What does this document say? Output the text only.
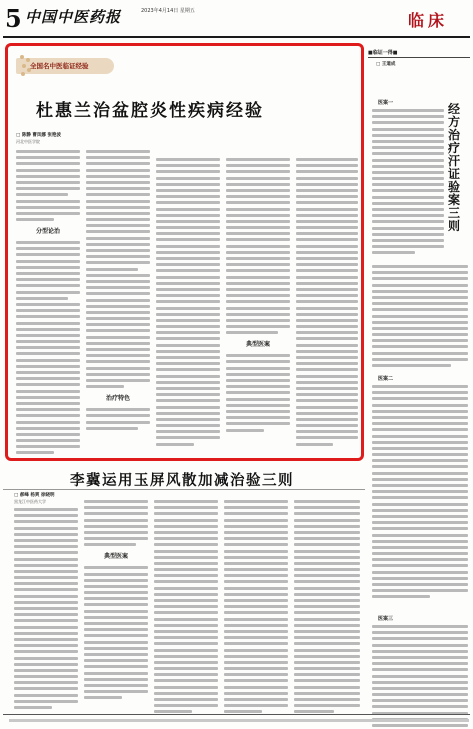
5 中国中医药报	2023年4月14日 星期五	临床
全国名中医临证经验
杜惠兰治盆腔炎性疾病经验
□ 陈静 曹凤娜 张艳波
河北中医学院
分型论治
治疗特色
典型医案
■临证一得■
□ 王道成
经方治疗汗证验案三则
医案一
医案二
医案三
李冀运用玉屏风散加减治验三则
□ 郝峰 杨爽 徐晓明
黑龙江中医药大学
典型医案
